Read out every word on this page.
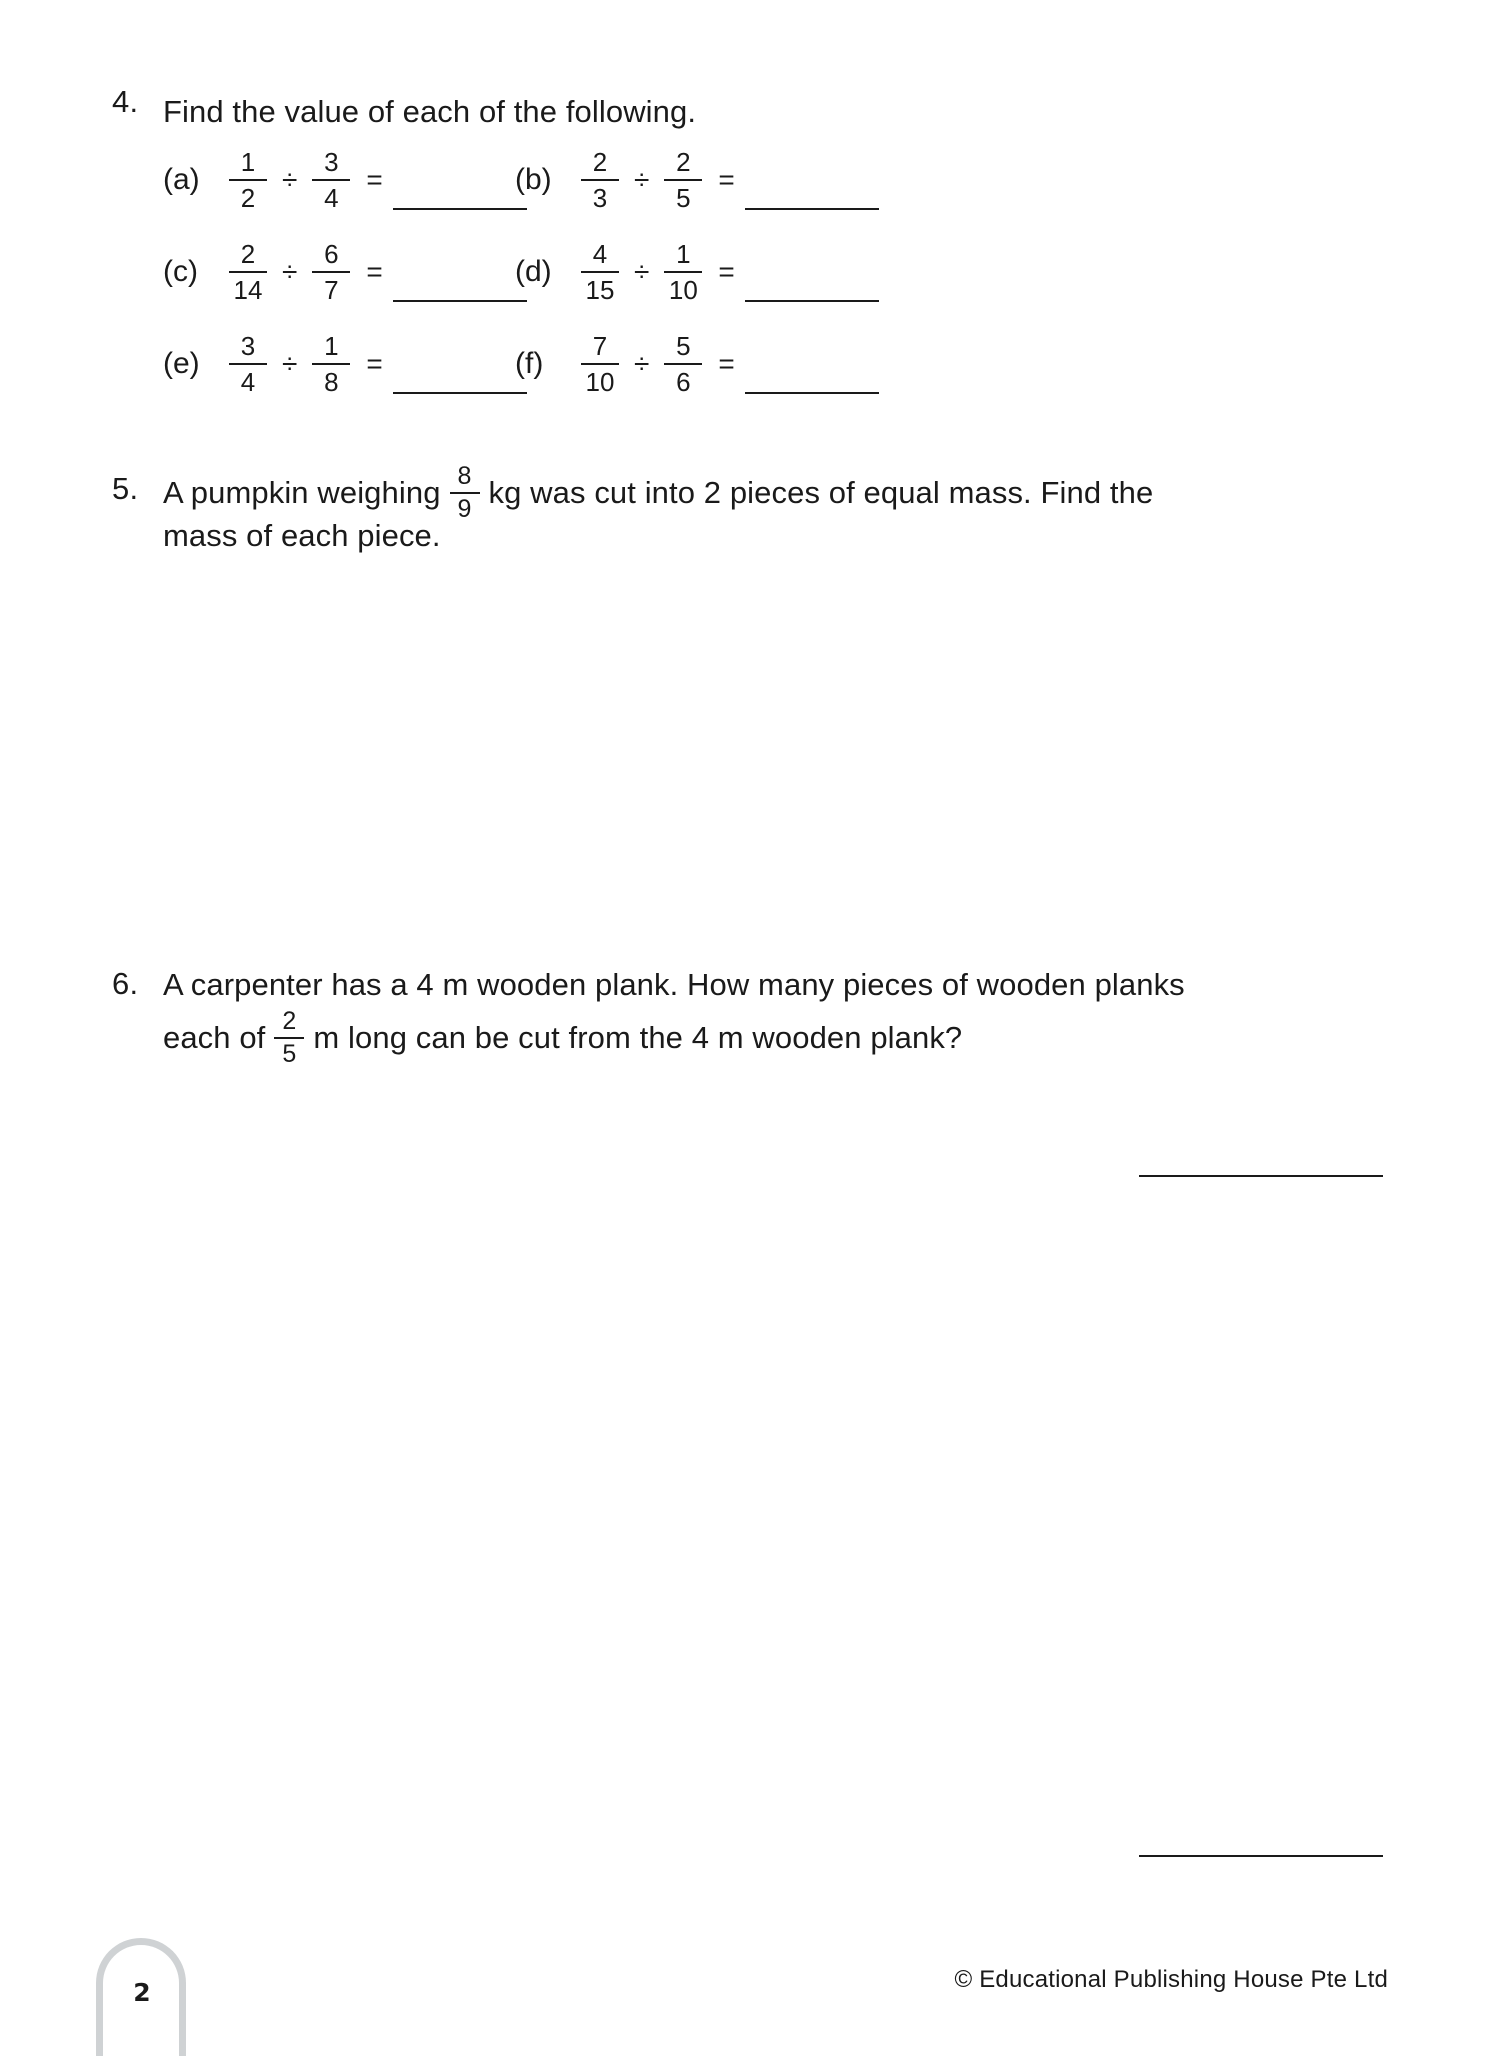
4. Find the value of each of the following.
(a)	$\frac{1}{2} \div \frac{3}{4}$ =	(b)	$\frac{2}{3} \div \frac{2}{5}$ =
(c)	$\frac{2}{14} \div \frac{6}{7}$ =	(d)	$\frac{4}{15} \div \frac{1}{10}$ =
(e)	$\frac{3}{4} \div \frac{1}{8}$ =	(f)	$\frac{7}{10} \div \frac{5}{6}$ =
5. A pumpkin weighing $\frac{8}{9}$ kg was cut into 2 pieces of equal mass. Find the
mass of each piece.
6. A carpenter has a 4 m wooden plank. How many pieces of wooden planks
each of $\frac{2}{5}$ m long can be cut from the 4 m wooden plank?
2	© Educational Publishing House Pte Ltd
